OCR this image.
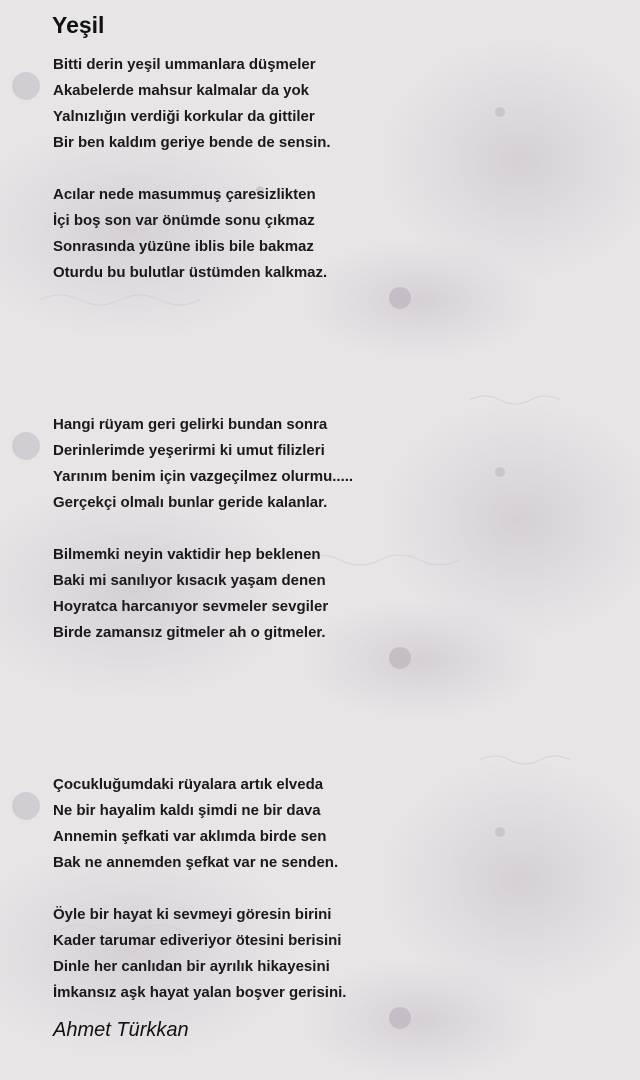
Yeşil
Bitti derin yeşil ummanlara düşmeler
Akabelerde mahsur kalmalar da yok
Yalnızlığın verdiği korkular da gittiler
Bir ben kaldım geriye bende de sensin.
Acılar nede masummuş çaresizlikten
İçi boş son var önümde sonu çıkmaz
Sonrasında yüzüne iblis bile bakmaz
Oturdu bu bulutlar üstümden kalkmaz.
Hangi rüyam geri gelirki bundan sonra
Derinlerimde yeşerirmi ki umut filizleri
Yarınım benim için vazgeçilmez olurmu.....
Gerçekçi olmalı bunlar geride kalanlar.
Bilmemki neyin vaktidir hep beklenen
Baki mi sanılıyor kısacık yaşam denen
Hoyratca harcanıyor sevmeler sevgiler
Birde zamansız gitmeler ah o gitmeler.
Çocukluğumdaki rüyalara artık elveda
Ne bir hayalim kaldı şimdi ne bir dava
Annemin şefkati var aklımda birde sen
Bak ne annemden şefkat var ne senden.
Öyle bir hayat ki sevmeyi göresin birini
Kader tarumar ediveriyor ötesini berisini
Dinle her canlıdan bir ayrılık hikayesini
İmkansız aşk hayat yalan boşver gerisini.
Ahmet Türkkan
